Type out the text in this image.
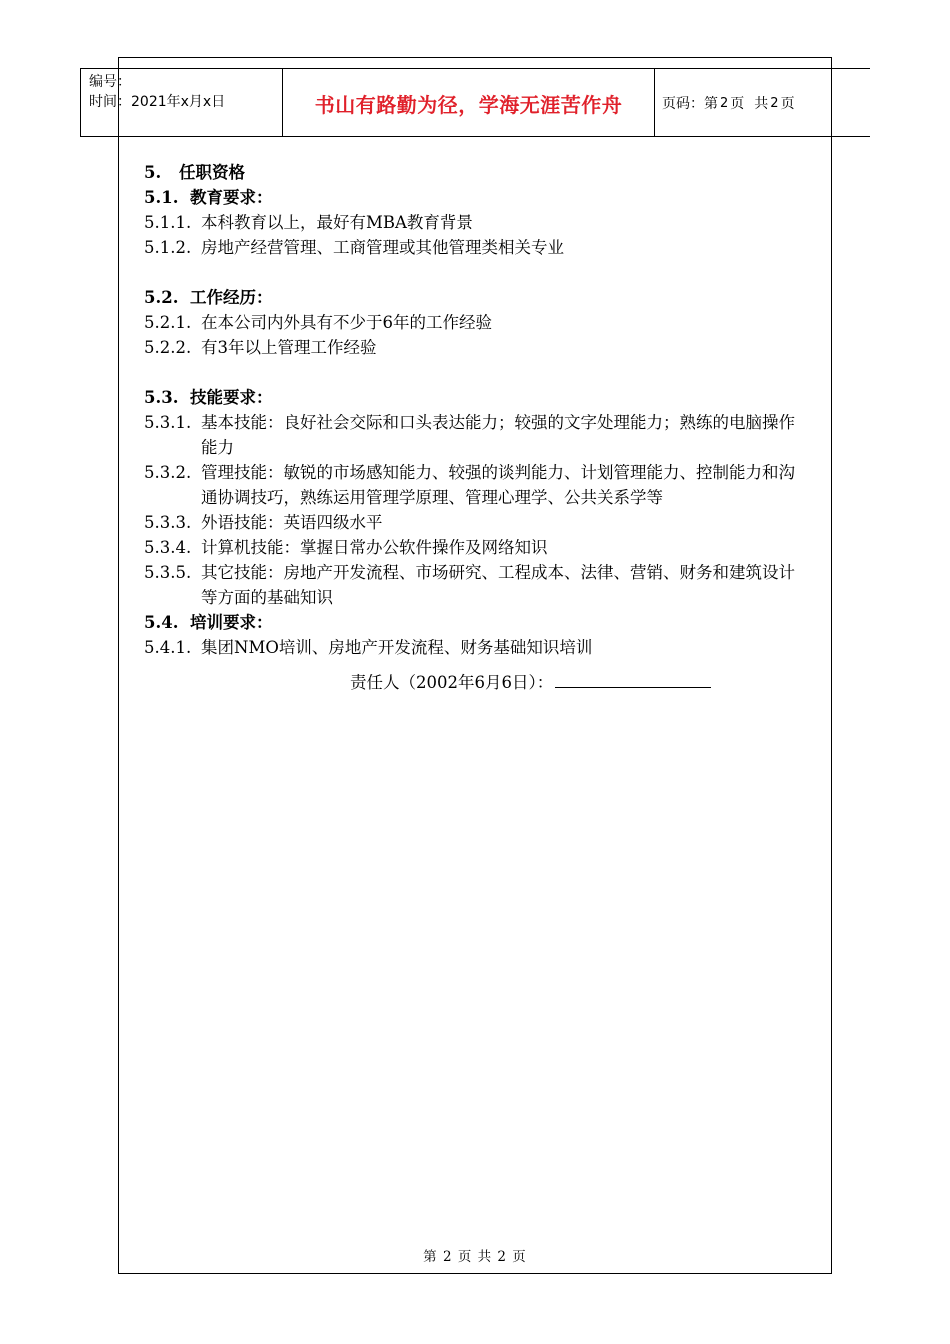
编号：
时间：2021年x月x日	书山有路勤为径，学海无涯苦作舟	页码：第 2 页 共 2 页
5.	任职资格
5.1. 教育要求：
5.1.1. 本科教育以上，最好有MBA教育背景
5.1.2. 房地产经营管理、工商管理或其他管理类相关专业
5.2. 工作经历：
5.2.1. 在本公司内外具有不少于6年的工作经验
5.2.2. 有3年以上管理工作经验
5.3. 技能要求：
5.3.1. 基本技能：良好社会交际和口头表达能力；较强的文字处理能力；熟练的电脑操作能力
5.3.2. 管理技能：敏锐的市场感知能力、较强的谈判能力、计划管理能力、控制能力和沟通协调技巧，熟练运用管理学原理、管理心理学、公共关系学等
5.3.3. 外语技能：英语四级水平
5.3.4. 计算机技能：掌握日常办公软件操作及网络知识
5.3.5. 其它技能：房地产开发流程、市场研究、工程成本、法律、营销、财务和建筑设计等方面的基础知识
5.4. 培训要求：
5.4.1. 集团NMO培训、房地产开发流程、财务基础知识培训
责任人（2002年6月6日）：
第 2 页 共 2 页
